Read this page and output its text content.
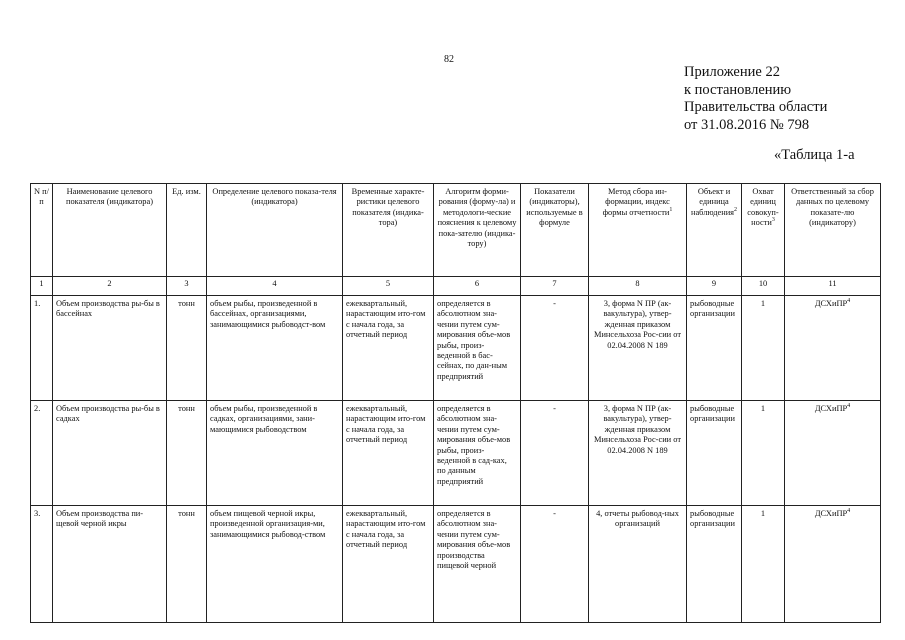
82
Приложение 22
к постановлению
Правительства области
от 31.08.2016 № 798
«Таблица 1-а
N п/п	Наименование целевого показателя (индикатора)	Ед. изм.	Определение целевого показа-теля (индикатора)	Временные характе-ристики целевого показателя (индика-тора)	Алгоритм форми-рования (форму-ла) и методологи-ческие пояснения к целевому пока-зателю (индика-тору)	Показатели (индикаторы), используемые в формуле	Метод сбора ин-формации, индекс формы отчетности$^1$	Объект и единица наблюдения$^2$	Охват единиц совокуп-ности$^3$	Ответственный за сбор данных по целевому показате-лю (индикатору)
1	2	3	4	5	6	7	8	9	10	11
1.	Объем производства ры-бы в бассейнах	тонн	объем рыбы, произведенной в бассейнах, организациями, занимающимися рыбоводст-вом	ежеквартальный, нарастающим ито-гом с начала года, за отчетный период	определяется в абсолютном зна-чении путем сум-мирования объе-мов рыбы, произ-веденной в бас-сейнах, по дан-ным предприятий	-	3, форма N ПР (ак-вакультура), утвер-жденная приказом Минсельхоза Рос-сии от 02.04.2008 N 189	рыбоводные организации	1	ДСХиПР$^4$
2.	Объем производства ры-бы в садках	тонн	объем рыбы, произведенной в садках, организациями, зани-мающимися рыбоводством	ежеквартальный, нарастающим ито-гом с начала года, за отчетный период	определяется в абсолютном зна-чении путем сум-мирования объе-мов рыбы, произ-веденной в сад-ках, по данным предприятий	-	3, форма N ПР (ак-вакультура), утвер-жденная приказом Минсельхоза Рос-сии от 02.04.2008 N 189	рыбоводные организации	1	ДСХиПР$^4$
3.	Объем производства пи-щевой черной икры	тонн	объем пищевой черной икры, произведенной организация-ми, занимающимися рыбовод-ством	ежеквартальный, нарастающим ито-гом с начала года, за отчетный период	определяется в абсолютном зна-чении путем сум-мирования объе-мов производства пищевой черной	-	4, отчеты рыбовод-ных организаций	рыбоводные организации	1	ДСХиПР$^4$
